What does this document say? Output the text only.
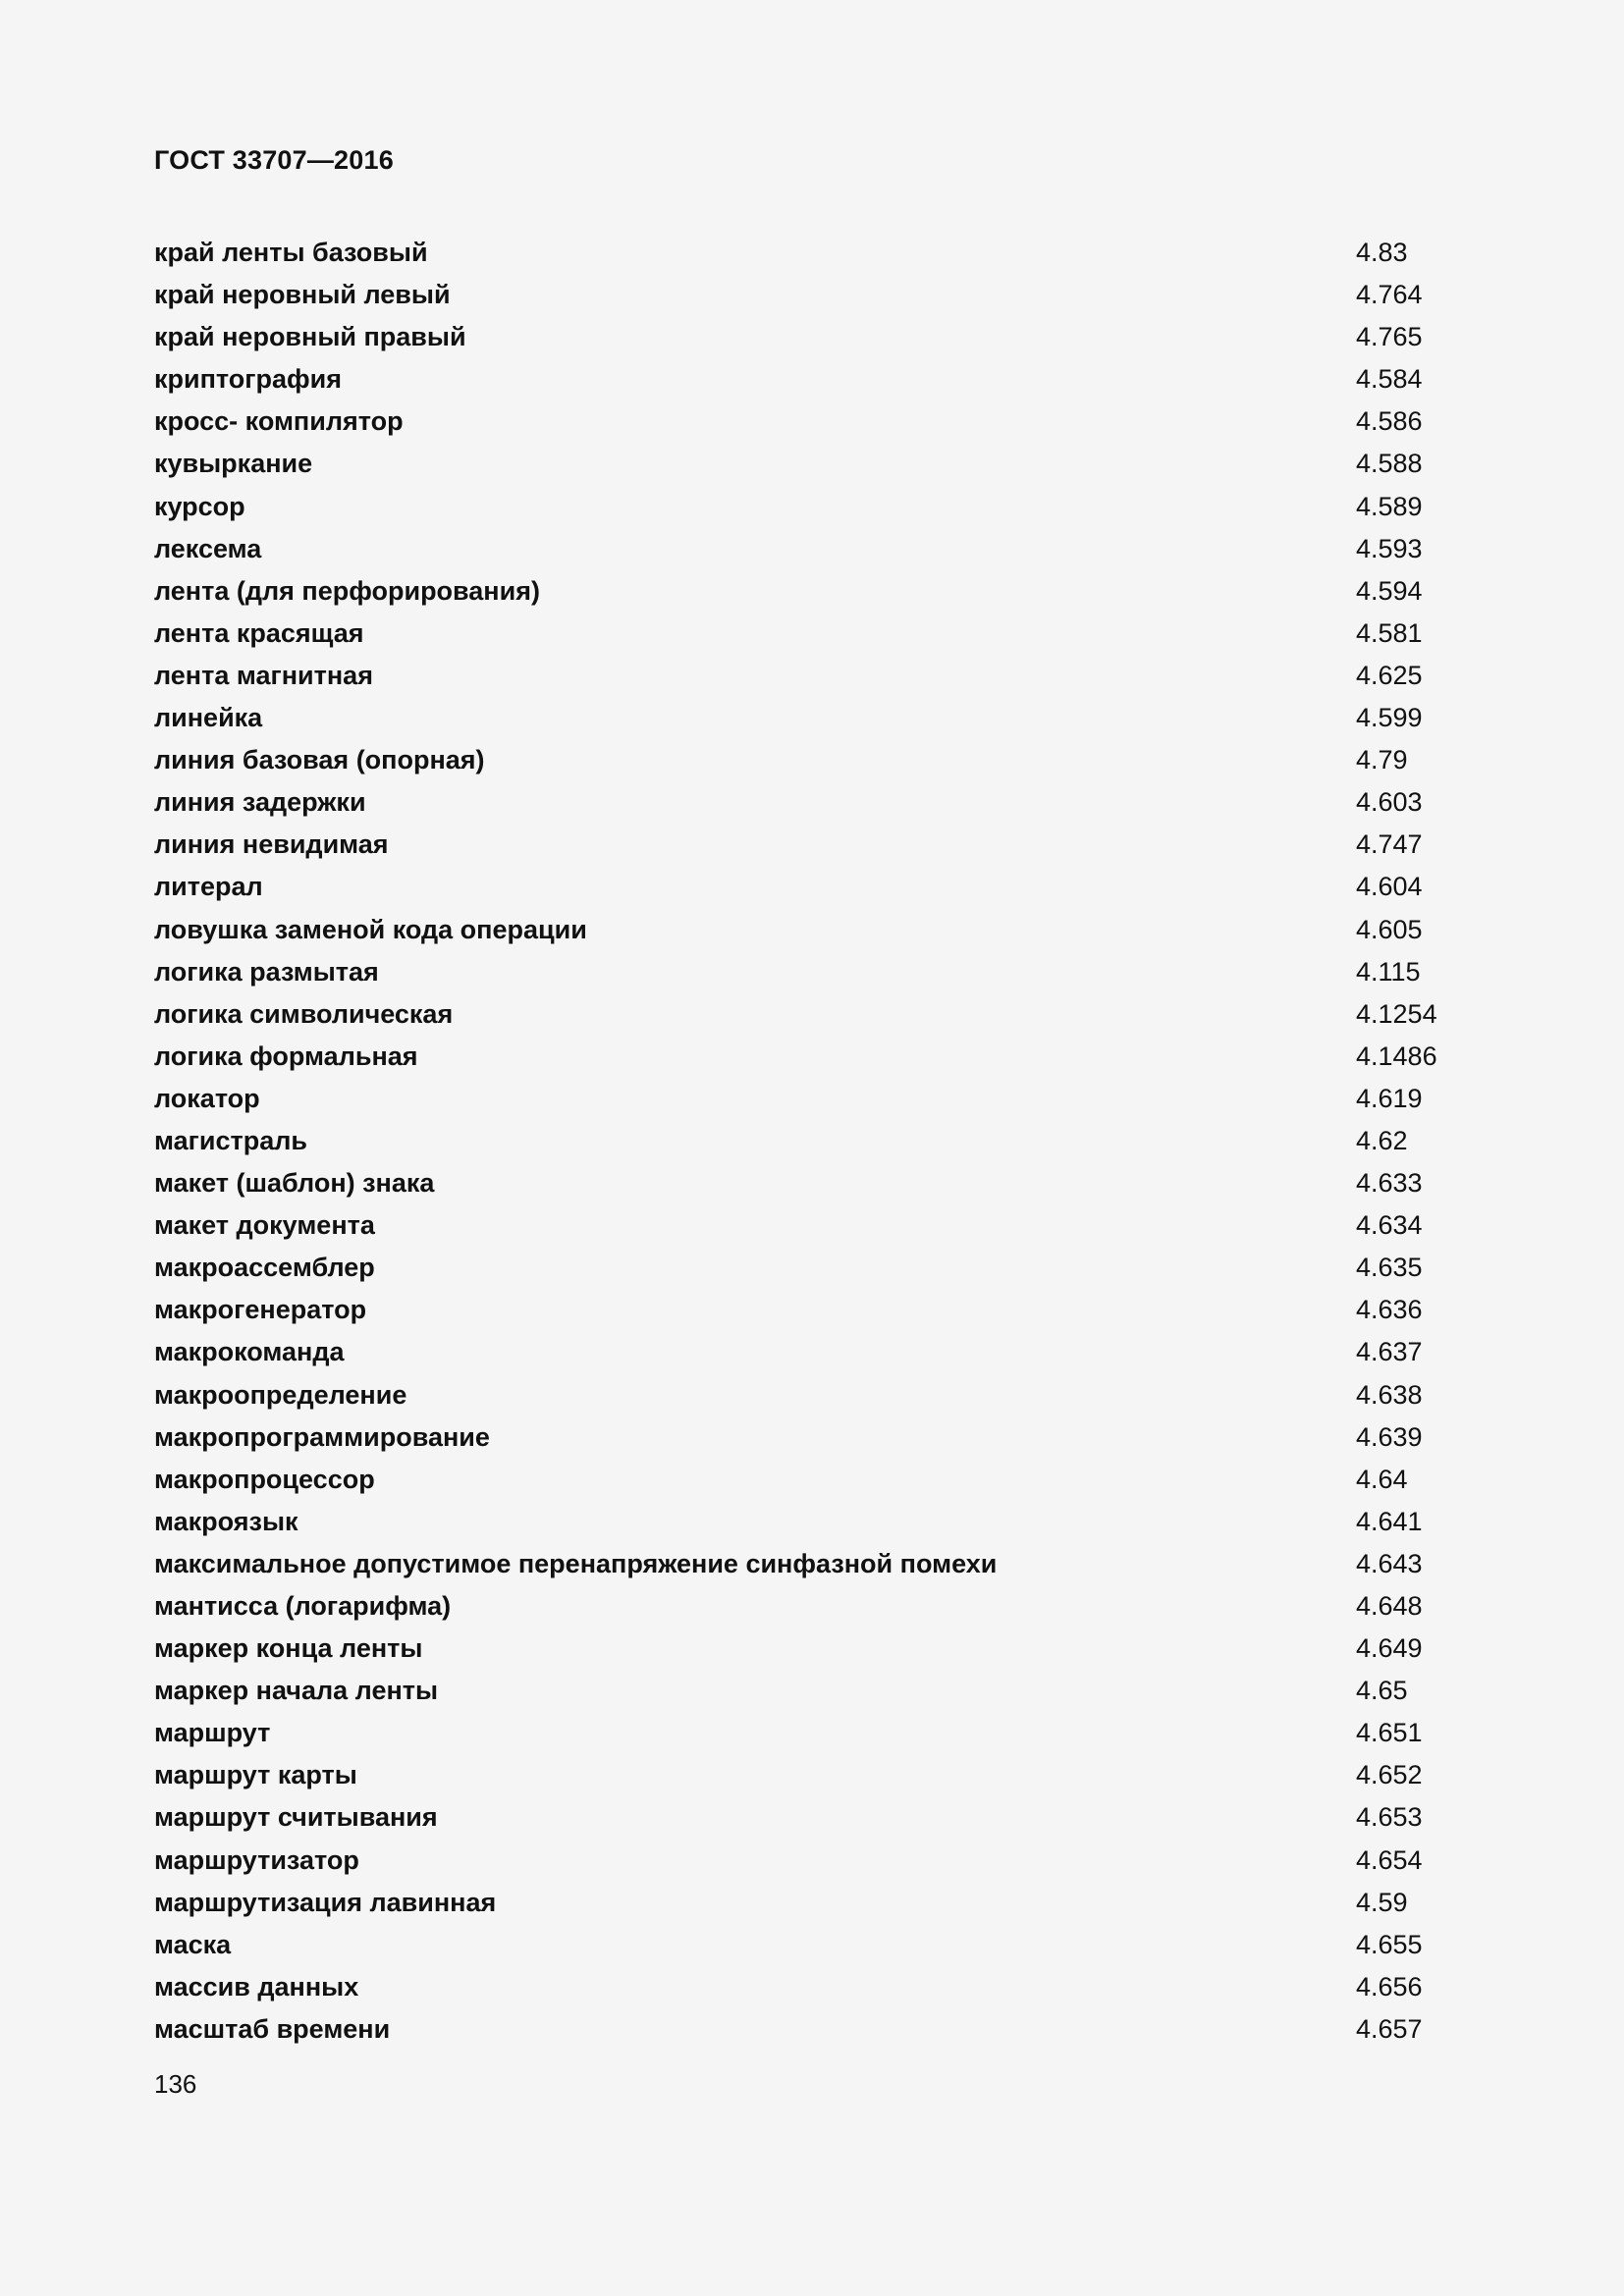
ГОСТ 33707—2016
край ленты базовый	4.83
край неровный левый	4.764
край неровный правый	4.765
криптография	4.584
кросс- компилятор	4.586
кувыркание	4.588
курсор	4.589
лексема	4.593
лента (для перфорирования)	4.594
лента красящая	4.581
лента магнитная	4.625
линейка	4.599
линия базовая (опорная)	4.79
линия задержки	4.603
линия невидимая	4.747
литерал	4.604
ловушка заменой кода операции	4.605
логика размытая	4.115
логика символическая	4.1254
логика формальная	4.1486
локатор	4.619
магистраль	4.62
макет (шаблон) знака	4.633
макет документа	4.634
макроассемблер	4.635
макрогенератор	4.636
макрокоманда	4.637
макроопределение	4.638
макропрограммирование	4.639
макропроцессор	4.64
макроязык	4.641
максимальное допустимое перенапряжение синфазной помехи	4.643
мантисса (логарифма)	4.648
маркер конца ленты	4.649
маркер начала ленты	4.65
маршрут	4.651
маршрут карты	4.652
маршрут считывания	4.653
маршрутизатор	4.654
маршрутизация лавинная	4.59
маска	4.655
массив данных	4.656
масштаб времени	4.657
136
